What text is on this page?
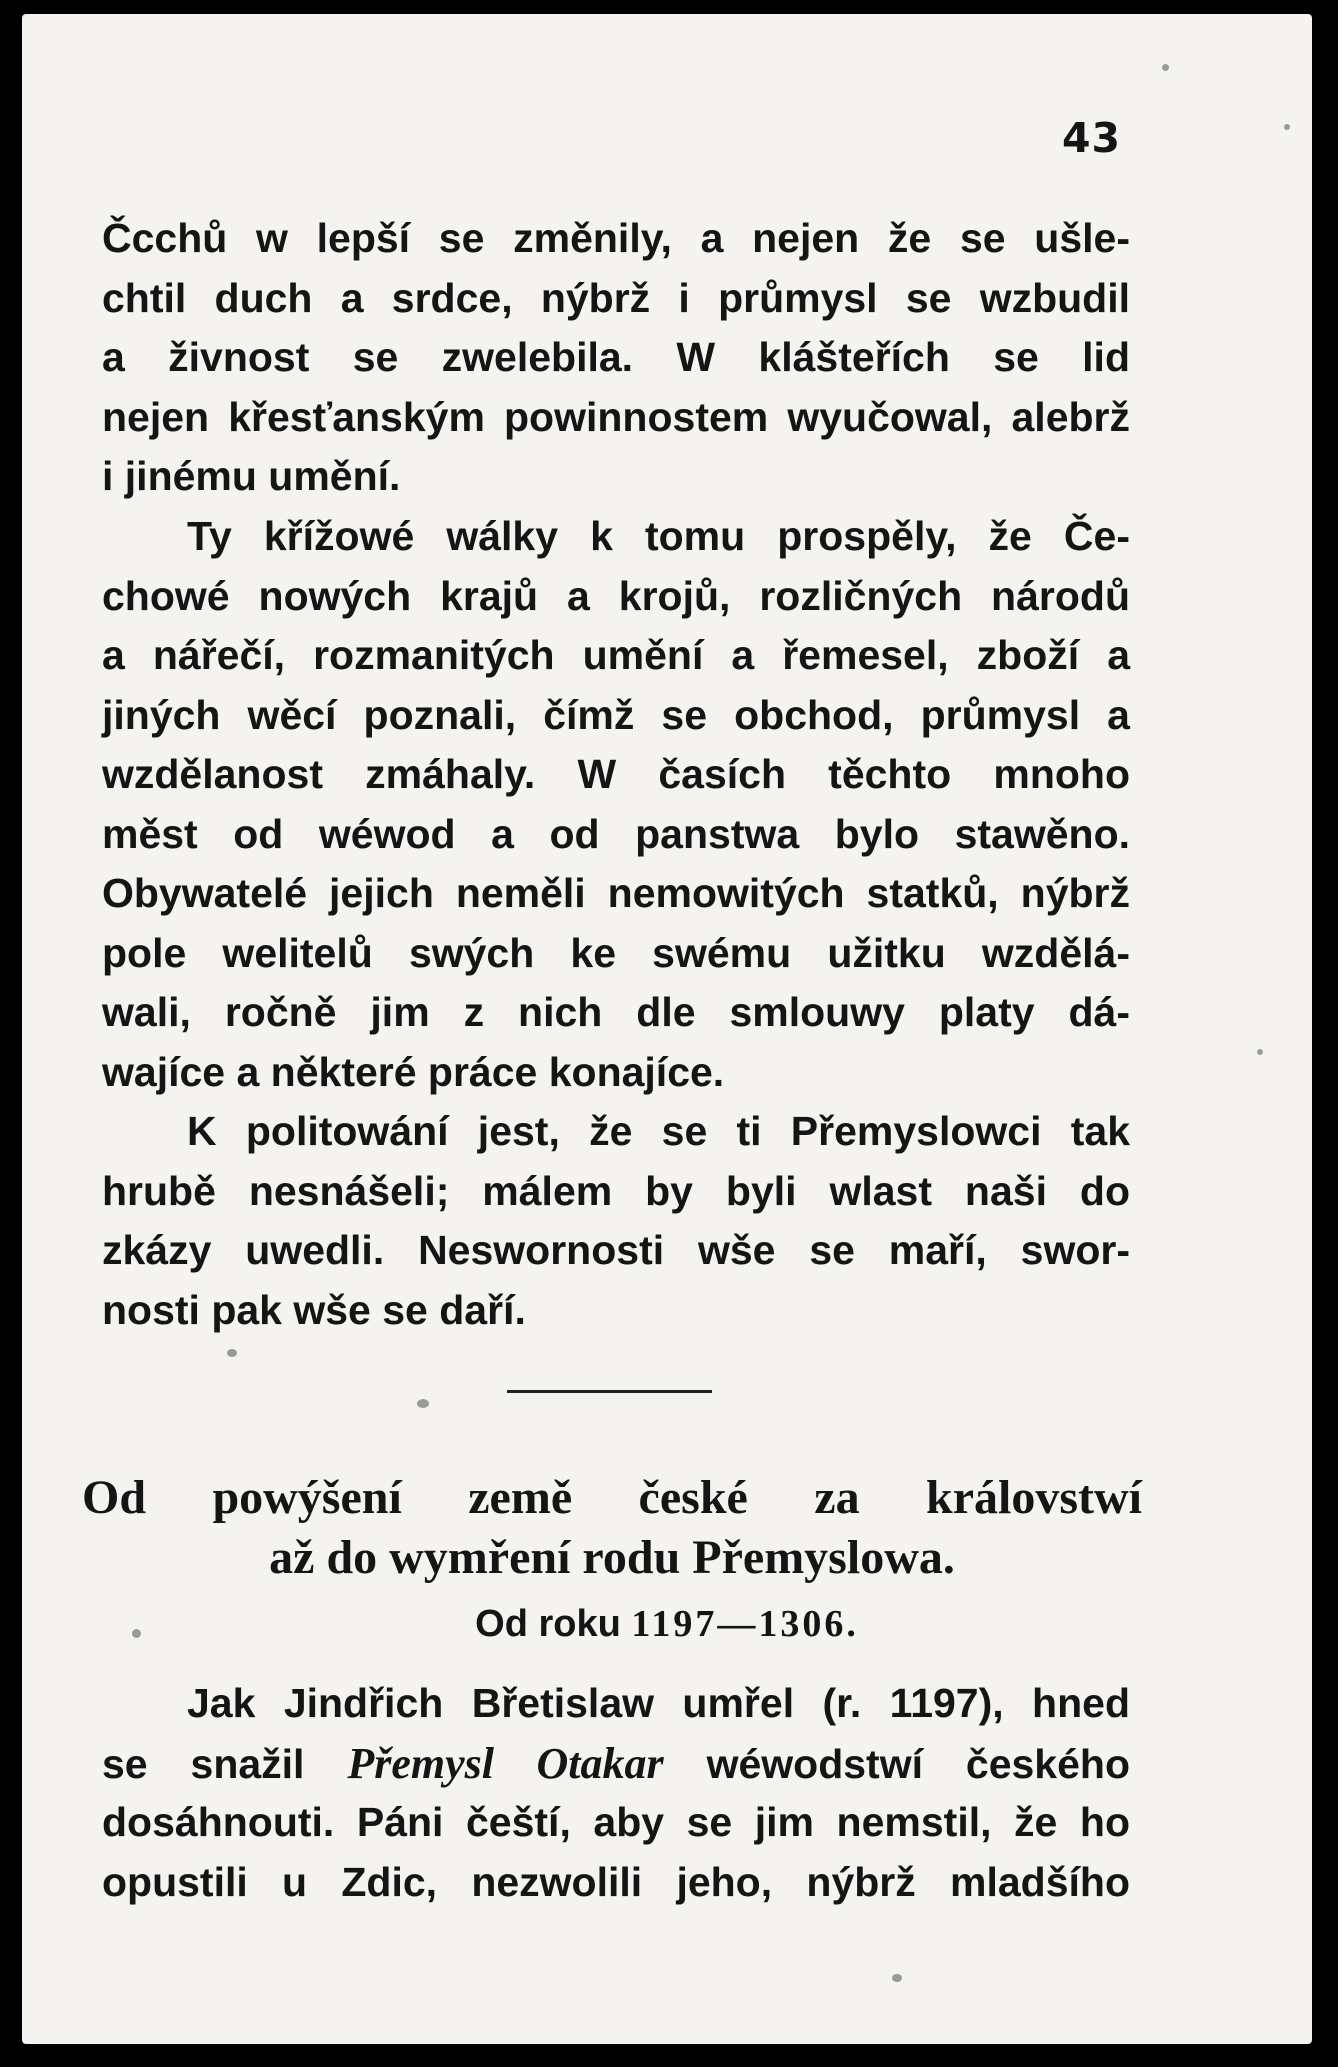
43
Čcchů w lepší se změnily, a nejen že se ušle-
chtil duch a srdce, nýbrž i průmysl se wzbudil
a živnost se zwelebila. W klášteřích se lid
nejen křesťanským powinnostem wyučowal, alebrž
i jinému umění.
Ty křížowé wálky k tomu prospěly, že Če-
chowé nowých krajů a krojů, rozličných národů
a nářečí, rozmanitých umění a řemesel, zboží a
jiných wěcí poznali, čímž se obchod, průmysl a
wzdělanost zmáhaly. W časích těchto mnoho
měst od wéwod a od panstwa bylo stawěno.
Obywatelé jejich neměli nemowitých statků, nýbrž
pole welitelů swých ke swému užitku wzdělá-
wali, ročně jim z nich dle smlouwy platy dá-
wajíce a některé práce konajíce.
K politowání jest, že se ti Přemyslowci tak
hrubě nesnášeli; málem by byli wlast naši do
zkázy uwedli. Neswornosti wše se maří, swor-
nosti pak wše se daří.
Od powýšení země české za královstwí
až do wymření rodu Přemyslowa.
Od roku 1197—1306.
Jak Jindřich Břetislaw umřel (r. 1197), hned
se snažil Přemysl Otakar wéwodstwí českého
dosáhnouti. Páni čeští, aby se jim nemstil, že ho
opustili u Zdic, nezwolili jeho, nýbrž mladšího
